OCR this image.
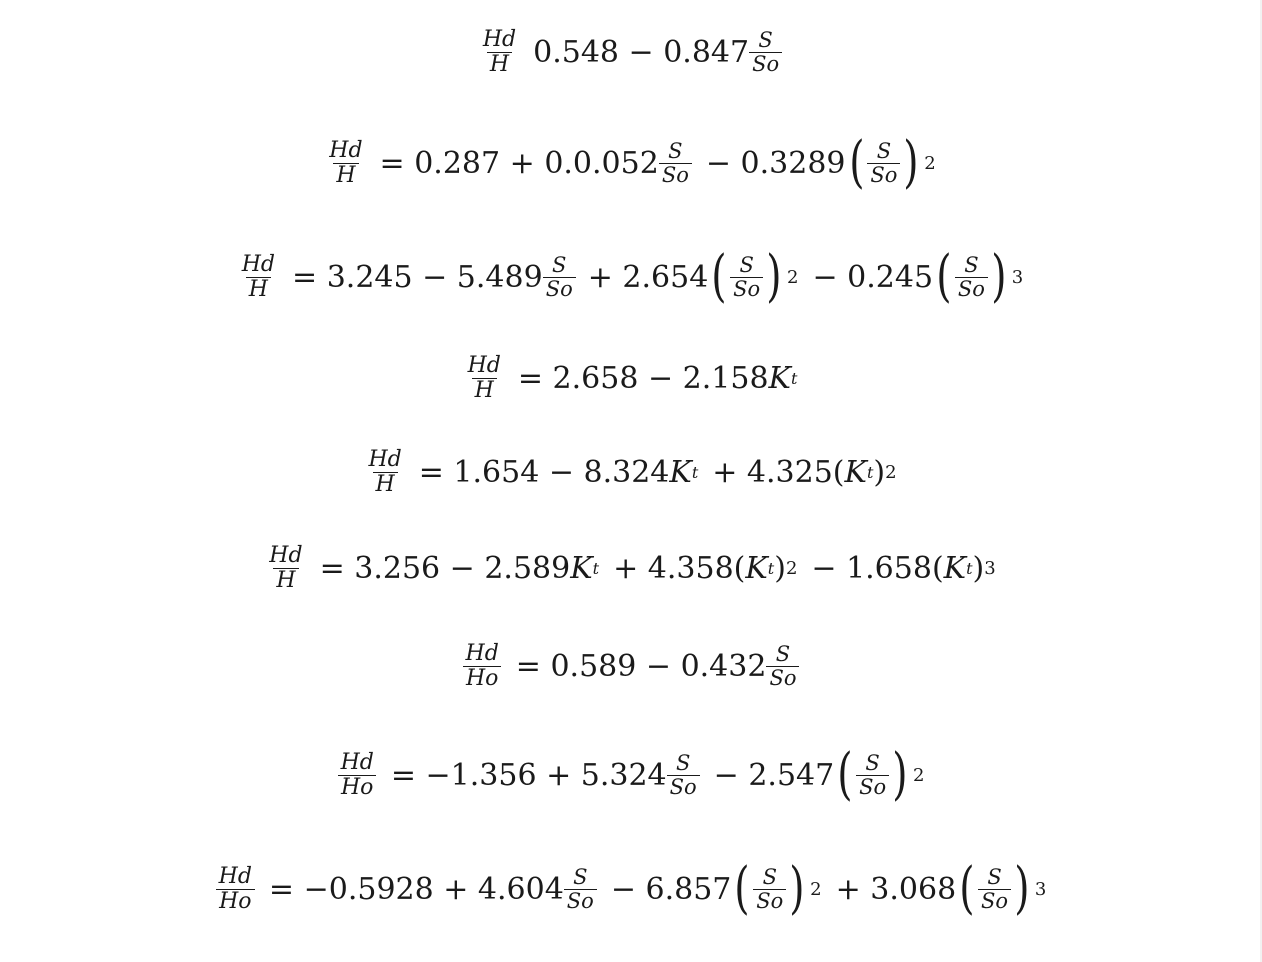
$\frac{Hd}{H} 0.548 - 0.847 \frac{S}{So}$
$\frac{Hd}{H} = 0.287 + 0.0.052 \frac{S}{So} - 0.3289$ ( $\frac{S}{So}$ ) 2
$\frac{Hd}{H} = 3.245 - 5.489 \frac{S}{So} + 2.654$ ( $\frac{S}{So}$ ) 2 − 0.245 ( $\frac{S}{So}$ ) 3
$\frac{Hd}{H} = 2.658 - 2.158$ K t
$\frac{Hd}{H} = 1.654 - 8.324$ K t + 4.325( K t ) 2
$\frac{Hd}{H} = 3.256 - 2.589$ K t + 4.358( K t ) 2 − 1.658( K t ) 3
$\frac{Hd}{Ho} = 0.589 - 0.432 \frac{S}{So}$
$\frac{Hd}{Ho} = -1.356 + 5.324 \frac{S}{So} - 2.547$ ( $\frac{S}{So}$ ) 2
$\frac{Hd}{Ho} = -0.5928 + 4.604 \frac{S}{So} - 6.857$ ( $\frac{S}{So}$ ) 2 + 3.068 ( $\frac{S}{So}$ ) 3
